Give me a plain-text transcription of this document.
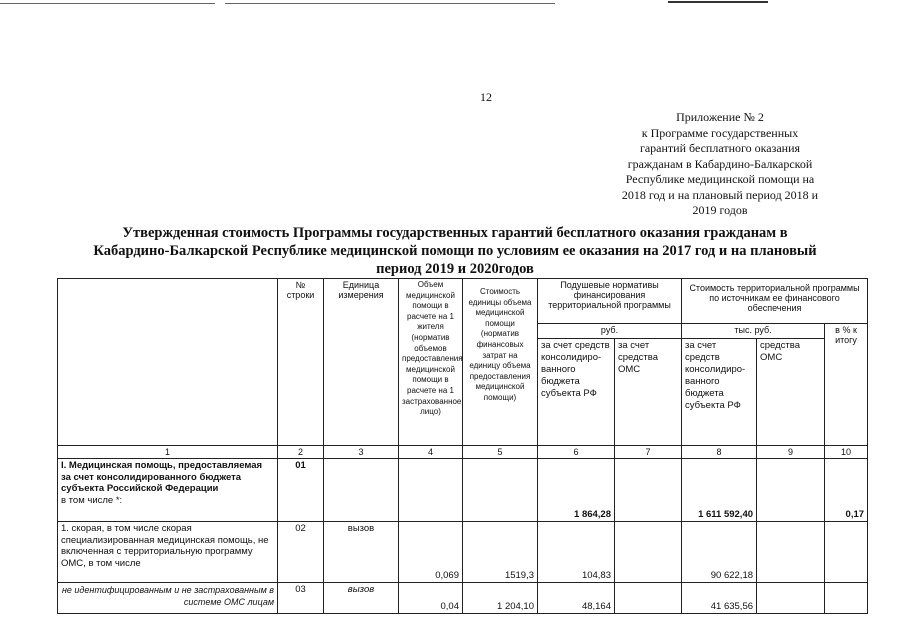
12
Приложение № 2
к Программе государственных
гарантий бесплатного оказания
гражданам в Кабардино-Балкарской
Республике медицинской помощи на
2018 год и на плановый период 2018 и
2019 годов
Утвержденная стоимость Программы государственных гарантий бесплатного оказания гражданам в
Кабардино-Балкарской Республике медицинской помощи по условиям ее оказания на 2017 год и на плановый
период 2019 и 2020годов
	№ строки	Единица измерения	Объем медицинской помощи в расчете на 1 жителя (норматив объемов предоставления медицинской помощи в расчете на 1 застрахованное лицо)	Стоимость единицы объема медицинской помощи (норматив финансовых затрат на единицу объема предоставления медицинской помощи)	Подушевые нормативы финансирования территориальной программы		Стоимость территориальной программы по источникам ее финансового обеспечения		
					руб.		тыс. руб.		в % к итогу
					за счет средств консолидиро-ванного бюджета субъекта РФ	за счет средства ОМС	за счет средств консолидиро-ванного бюджета субъекта РФ	средства ОМС	
1	2	3	4	5	6	7	8	9	10
I. Медицинская помощь, предоставляемая за счет консолидированного бюджета субъекта Российской Федерации
в том числе *:	01				1 864,28		1 611 592,40		0,17
1. скорая, в том числе скорая специализированная медицинская помощь, не включенная с территориальную программу ОМС, в том числе	02	вызов	0,069	1519,3	104,83		90 622,18		
не идентифицированным и не застрахованным в системе ОМС лицам	03	вызов	0,04	1 204,10	48,164		41 635,56		
